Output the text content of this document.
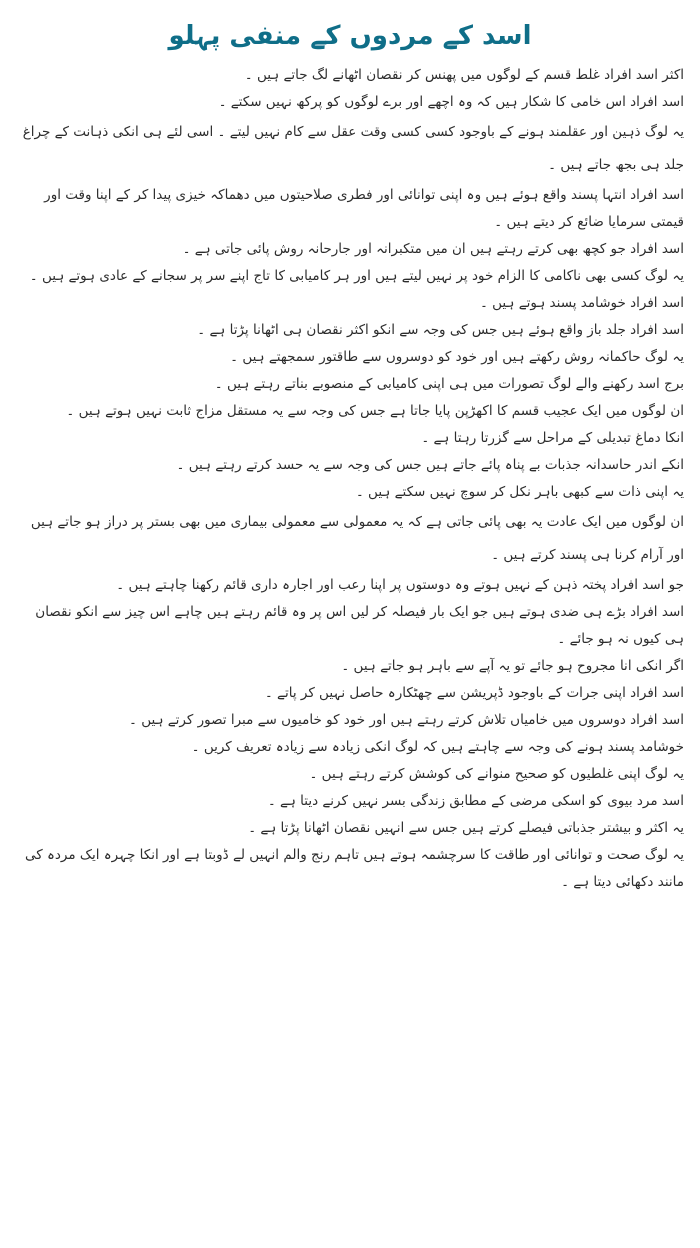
اسد کے مردوں کے منفی پہلو
اکثر اسد افراد غلط قسم کے لوگوں میں پھنس کر نقصان اٹھانے لگ جاتے ہیں ۔
اسد افراد اس خامی کا شکار ہیں کہ وہ اچھے اور برے لوگوں کو پرکھ نہیں سکتے ۔
یہ لوگ ذہین اور عقلمند ہونے کے باوجود کسی کسی وقت عقل سے کام نہیں لیتے ۔ اسی لئے ہی انکی ذہانت کے چراغ جلد ہی بجھ جاتے ہیں ۔
اسد افراد انتہا پسند واقع ہوئے ہیں وہ اپنی توانائی اور فطری صلاحیتوں میں دھماکہ خیزی پیدا کر کے اپنا وقت اور قیمتی سرمایا ضائع کر دیتے ہیں ۔
اسد افراد جو کچھ بھی کرتے رہتے ہیں ان میں متکبرانہ اور جارحانہ روش پائی جاتی ہے ۔
یہ لوگ کسی بھی ناکامی کا الزام خود پر نہیں لیتے ہیں اور ہر کامیابی کا تاج اپنے سر پر سجانے کے عادی ہوتے ہیں ۔
اسد افراد خوشامد پسند ہوتے ہیں ۔
اسد افراد جلد باز واقع ہوئے ہیں جس کی وجہ سے انکو اکثر نقصان ہی اٹھانا پڑتا ہے ۔
یہ لوگ حاکمانہ روش رکھتے ہیں اور خود کو دوسروں سے طاقتور سمجھتے ہیں ۔
برج اسد رکھنے والے لوگ تصورات میں ہی اپنی کامیابی کے منصوبے بناتے رہتے ہیں ۔
ان لوگوں میں ایک عجیب قسم کا اکھڑپن پایا جاتا ہے جس کی وجہ سے یہ مستقل مزاج ثابت نہیں ہوتے ہیں ۔
انکا دماغ تبدیلی کے مراحل سے گزرتا رہتا ہے ۔
انکے اندر حاسدانہ جذبات بے پناہ پائے جاتے ہیں جس کی وجہ سے یہ حسد کرتے رہتے ہیں ۔
یہ اپنی ذات سے کبھی باہر نکل کر سوچ نہیں سکتے ہیں ۔
ان لوگوں میں ایک عادت یہ بھی پائی جاتی ہے کہ یہ معمولی سے معمولی بیماری میں بھی بستر پر دراز ہو جاتے ہیں اور آرام کرنا ہی پسند کرتے ہیں ۔
جو اسد افراد پختہ ذہن کے نہیں ہوتے وہ دوستوں پر اپنا رعب اور اجارہ داری قائم رکھنا چاہتے ہیں ۔
اسد افراد بڑے ہی ضدی ہوتے ہیں جو ایک بار فیصلہ کر لیں اس پر وہ قائم رہتے ہیں چاہے اس چیز سے انکو نقصان ہی کیوں نہ ہو جائے ۔
اگر انکی انا مجروح ہو جائے تو یہ آپے سے باہر ہو جاتے ہیں ۔
اسد افراد اپنی جرات کے باوجود ڈپریشن سے چھٹکارہ حاصل نہیں کر پاتے ۔
اسد افراد دوسروں میں خامیاں تلاش کرتے رہتے ہیں اور خود کو خامیوں سے مبرا تصور کرتے ہیں ۔
خوشامد پسند ہونے کی وجہ سے چاہتے ہیں کہ لوگ انکی زیادہ سے زیادہ تعریف کریں ۔
یہ لوگ اپنی غلطیوں کو صحیح منوانے کی کوشش کرتے رہتے ہیں ۔
اسد مرد بیوی کو اسکی مرضی کے مطابق زندگی بسر نہیں کرنے دیتا ہے ۔
یہ اکثر و بیشتر جذباتی فیصلے کرتے ہیں جس سے انہیں نقصان اٹھانا پڑتا ہے ۔
یہ لوگ صحت و توانائی اور طاقت کا سرچشمہ ہوتے ہیں تاہم رنج والم انہیں لے ڈوبتا ہے اور انکا چہرہ ایک مردہ کی مانند دکھائی دیتا ہے ۔
